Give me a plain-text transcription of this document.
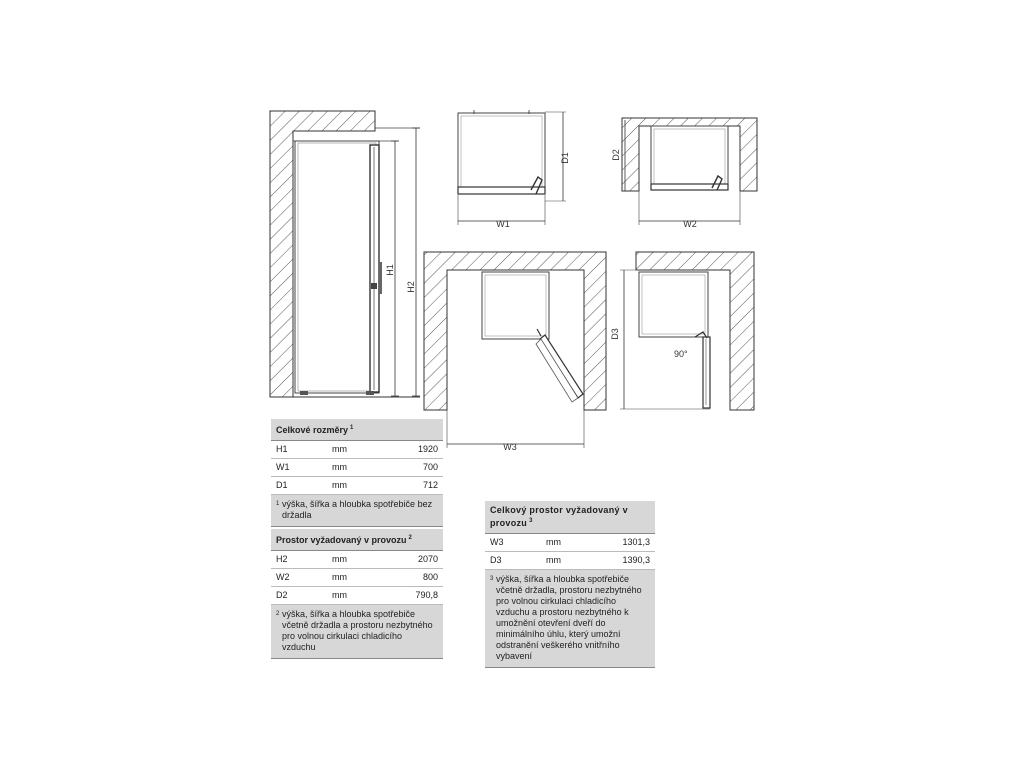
H1
H2
D1
W1
D2
W2
W3
90°
D3
Celkové rozměry $^1$
H1	mm	1920
W1	mm	700
D1	mm	712
1 výška, šířka a hloubka spotřebiče bez držadla
Prostor vyžadovaný v provozu $^2$
H2	mm	2070
W2	mm	800
D2	mm	790,8
2 výška, šířka a hloubka spotřebiče včetně držadla a prostoru nezbytného pro volnou cirkulaci chladicího vzduchu
Celkový prostor vyžadovaný v provozu $^3$
W3	mm	1301,3
D3	mm	1390,3
3 výška, šířka a hloubka spotřebiče včetně držadla, prostoru nezbytného pro volnou cirkulaci chladicího vzduchu a prostoru nezbytného k umožnění otevření dveří do minimálního úhlu, který umožní odstranění veškerého vnitřního vybavení
